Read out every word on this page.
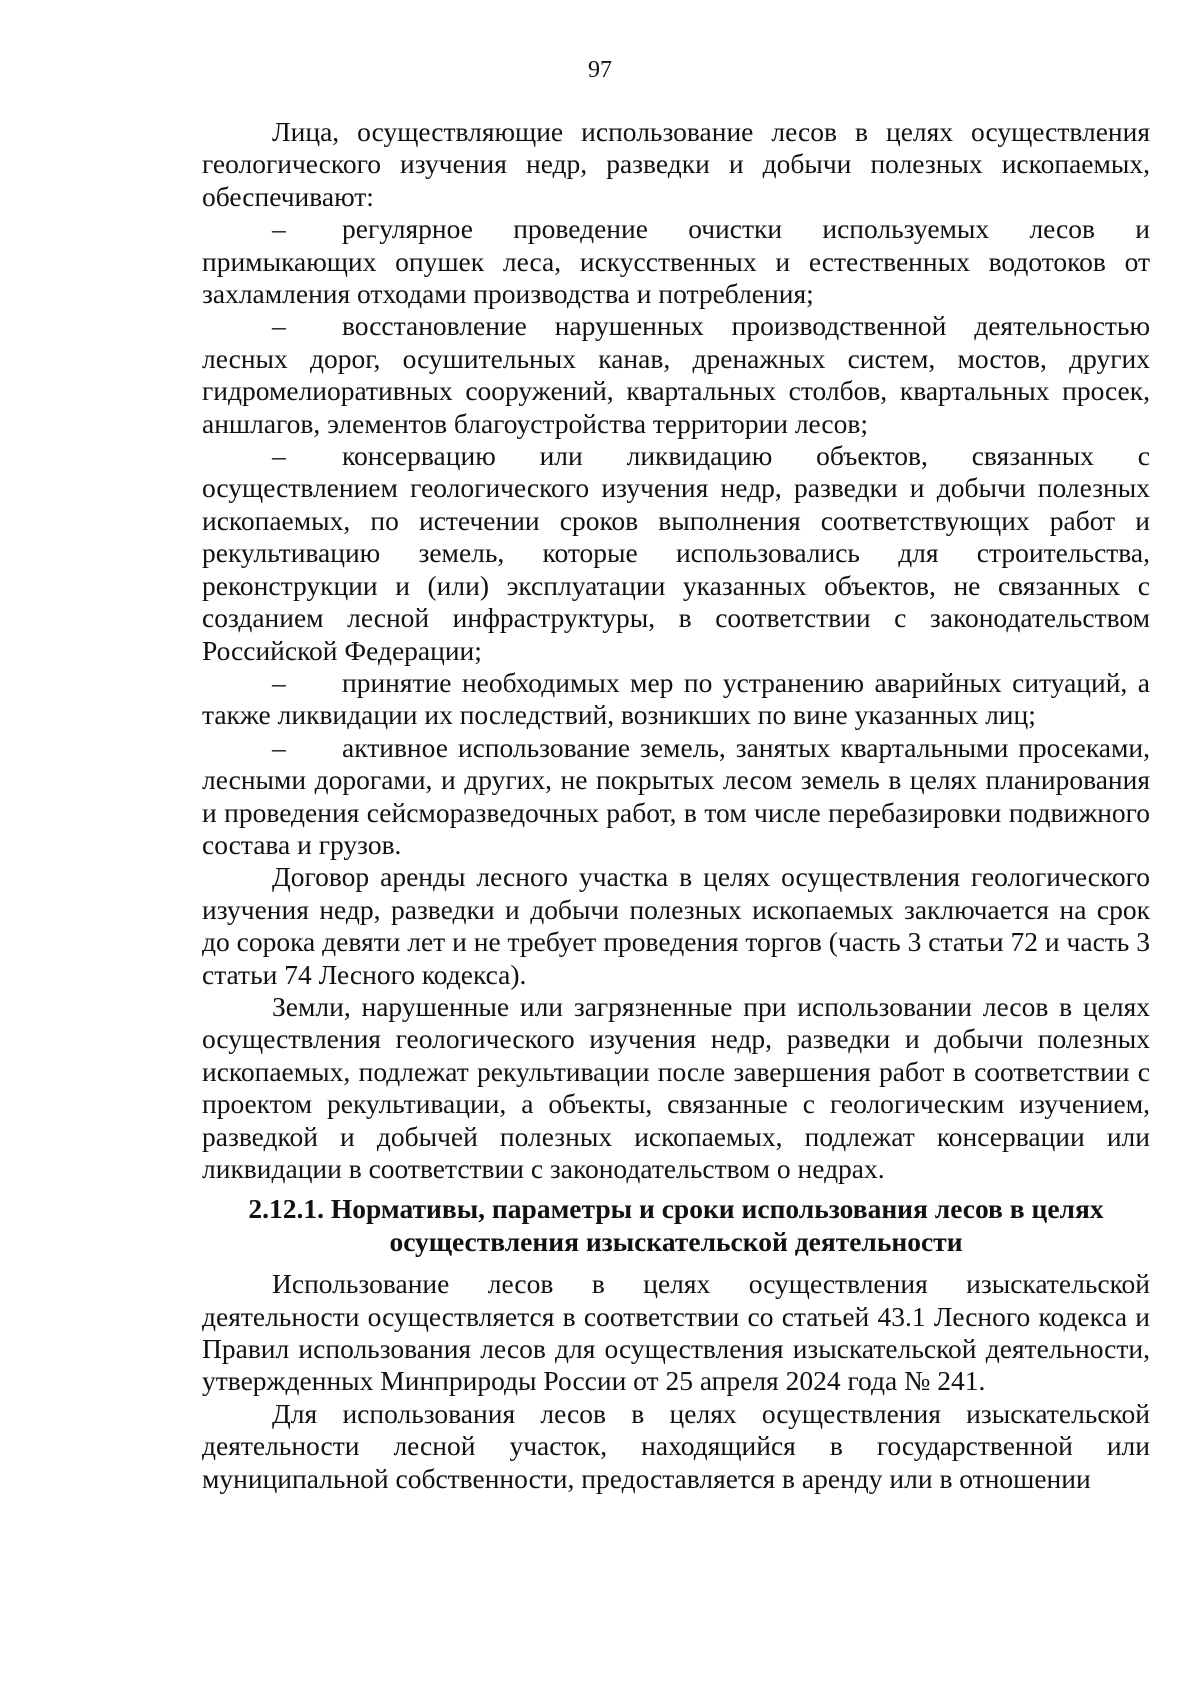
97

Лица, осуществляющие использование лесов в целях осуществления геологического изучения недр, разведки и добычи полезных ископаемых, обеспечивают:

– регулярное проведение очистки используемых лесов и примыкающих опушек леса, искусственных и естественных водотоков от захламления отходами производства и потребления;

– восстановление нарушенных производственной деятельностью лесных дорог, осушительных канав, дренажных систем, мостов, других гидромелиоративных сооружений, квартальных столбов, квартальных просек, аншлагов, элементов благоустройства территории лесов;

– консервацию или ликвидацию объектов, связанных с осуществлением геологического изучения недр, разведки и добычи полезных ископаемых, по истечении сроков выполнения соответствующих работ и рекультивацию земель, которые использовались для строительства, реконструкции и (или) эксплуатации указанных объектов, не связанных с созданием лесной инфраструктуры, в соответствии с законодательством Российской Федерации;

– принятие необходимых мер по устранению аварийных ситуаций, а также ликвидации их последствий, возникших по вине указанных лиц;

– активное использование земель, занятых квартальными просеками, лесными дорогами, и других, не покрытых лесом земель в целях планирования и проведения сейсморазведочных работ, в том числе перебазировки подвижного состава и грузов.

Договор аренды лесного участка в целях осуществления геологического изучения недр, разведки и добычи полезных ископаемых заключается на срок до сорока девяти лет и не требует проведения торгов (часть 3 статьи 72 и часть 3 статьи 74 Лесного кодекса).

Земли, нарушенные или загрязненные при использовании лесов в целях осуществления геологического изучения недр, разведки и добычи полезных ископаемых, подлежат рекультивации после завершения работ в соответствии с проектом рекультивации, а объекты, связанные с геологическим изучением, разведкой и добычей полезных ископаемых, подлежат консервации или ликвидации в соответствии с законодательством о недрах.

2.12.1. Нормативы, параметры и сроки использования лесов в целях
осуществления изыскательской деятельности

Использование лесов в целях осуществления изыскательской деятельности осуществляется в соответствии со статьей 43.1 Лесного кодекса и Правил использования лесов для осуществления изыскательской деятельности, утвержденных Минприроды России от 25 апреля 2024 года № 241.

Для использования лесов в целях осуществления изыскательской деятельности лесной участок, находящийся в государственной или муниципальной собственности, предоставляется в аренду или в отношении
